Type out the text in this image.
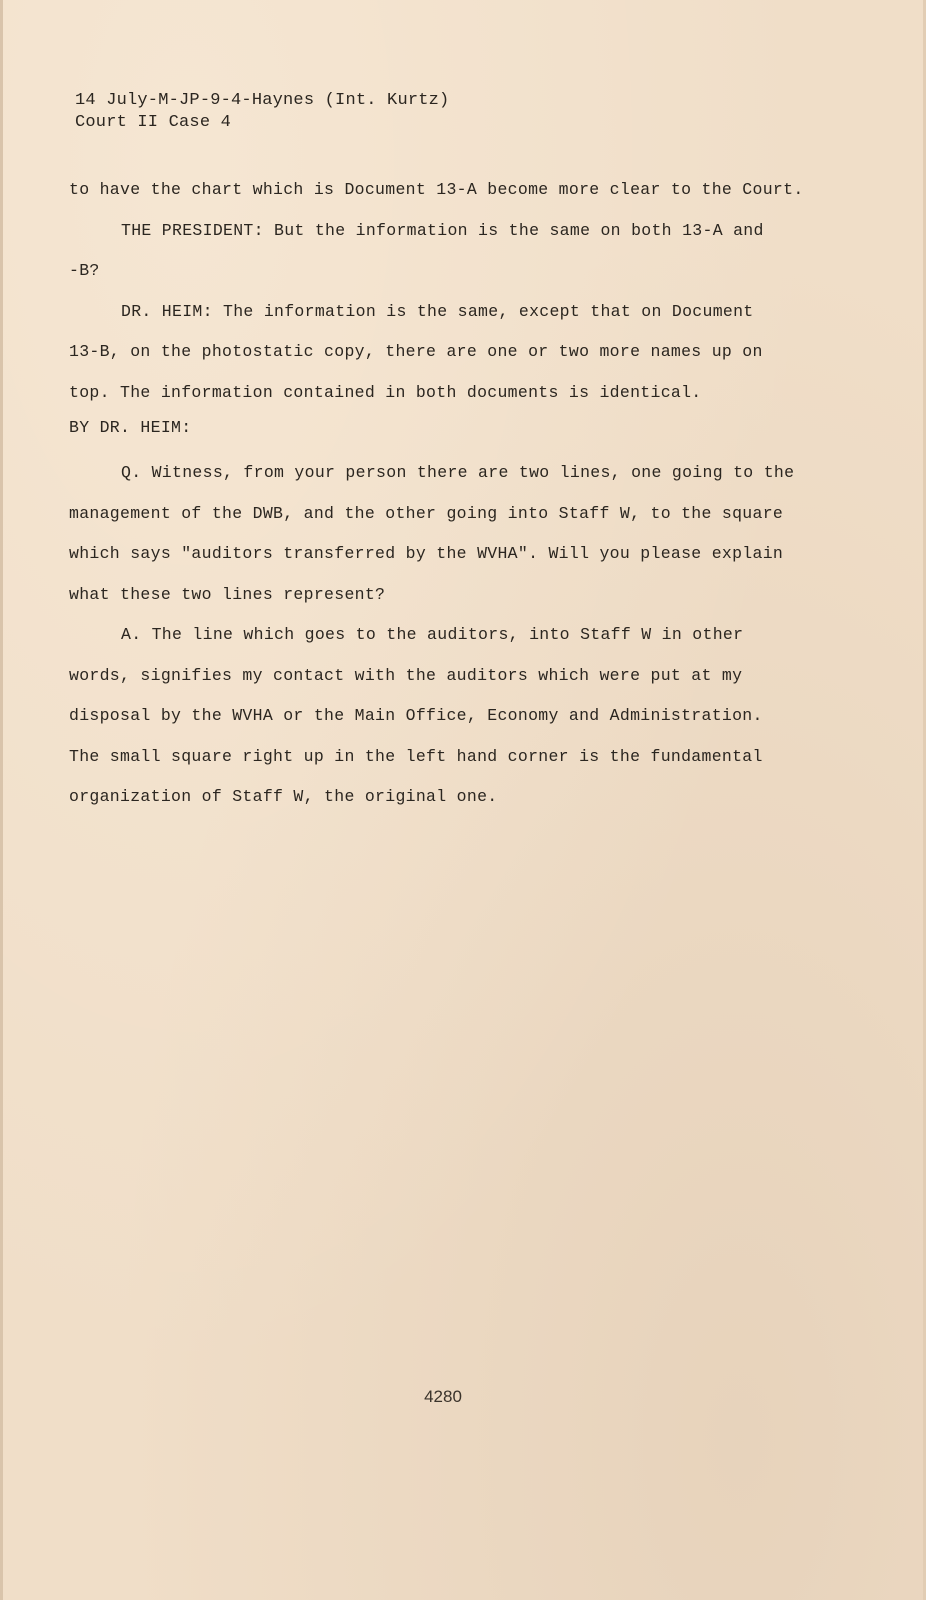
14 July-M-JP-9-4-Haynes (Int. Kurtz)
Court II Case 4

to have the chart which is Document 13-A become more clear to the Court.

THE PRESIDENT: But the information is the same on both 13-A and

-B?

DR. HEIM: The information is the same, except that on Document

13-B, on the photostatic copy, there are one or two more names up on

top. The information contained in both documents is identical.

BY DR. HEIM:

Q. Witness, from your person there are two lines, one going to the

management of the DWB, and the other going into Staff W, to the square

which says "auditors transferred by the WVHA". Will you please explain

what these two lines represent?

A. The line which goes to the auditors, into Staff W in other

words, signifies my contact with the auditors which were put at my

disposal by the WVHA or the Main Office, Economy and Administration.

The small square right up in the left hand corner is the fundamental

organization of Staff W, the original one.

4280
